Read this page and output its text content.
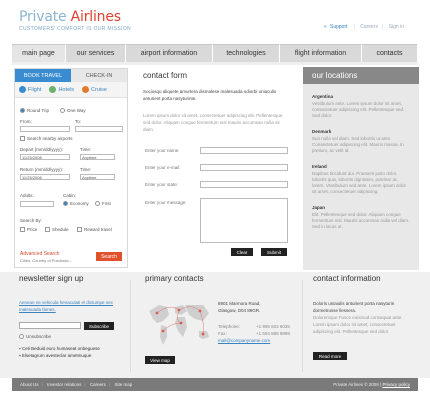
Private Airlines
CUSTOMERS' COMFORT IS OUR MISSION	» Support | Careers | Sign in
main page	our services	airport information	technologies	flight information	contacts
BOOK TRAVEL	CHECK-IN
Flight	Hotels	Cruise
Round Trip	One Way
From:	To:
Search nearby airports
Depart (mm/dd/yyyy):	Time:
11/25/2008	Anytime
Return (mm/dd/yyyy):	Time:
11/25/2008	Anytime
Adults:	Cabin:
Economy	First
Search By:
Price	Shedule	Reward travel
Advanced Search
Cities, Country of Purchase...
Search
contact form
Sociosqu aliquete amurtera dismalese malesuada odiorbi uniaculis anturient porta nasyturinte.
Lorem ipsum dolor sit amet, consectetuer adipiscing elit. Pellentesque sed dolor. Aliquam congue fermentum nisl mauris accumsan nulla sit diam.
Enter your name:
Enter your e-mail:
Enter your state:
Enter your message:
Clear	Submit
our locations
Argentina
Vestibulum ante. Lorem ipsum dolor sit amet, consectetuer adipiscing elit. Pellentesque sed. Sed dolor.
Denmark
Sun nulla vel diam. Sed lobortis ut ante. Consectetuer adipiscing elit. Mauris massa, In pretium, ac velit id.
Ireland
Dapibus tincidunt dui. Praesent justo dolor, lobortis quis, lobortis dignissim, pulvinar ac, lorem. Vestibulum sed ante. Lorem ipsum dolor sit amet, consectetuer adipiscing.
Japan
Elit. Pellentesque sed dolor. Aliquam congue fermentum nisl. Mauris accumsan nulla vel diam. Sed in lacus ut.
newsletter sign up
Aenean ne vehicula henaculati el dictumpe nec malesuada fames.
Subscribe
Unsubscribe
▪ Ceti Beduid euro humaseat onbeguese
▪ Elsetagrum avesteclar ametmuque
primary contacts
View map
8901 Marmora Road,
Glasgow, D04 89GR.
Telephone:	+1 959 603 6035
Fax:	+1 504 889 9898
mail@companyname.com
contact information
Doloris uniaiulis anturient porta nasyturin dormetrusse llessera.
Doloremque Fusce euismod consequat ante. Lorem ipsum dolor sit amet, consectetuer adipiscing elit. Pellentesque sed dolor.
Read more
About Us | Investor relations | Careers | Site map	Private Airlines © 2009 | Privacy policy
